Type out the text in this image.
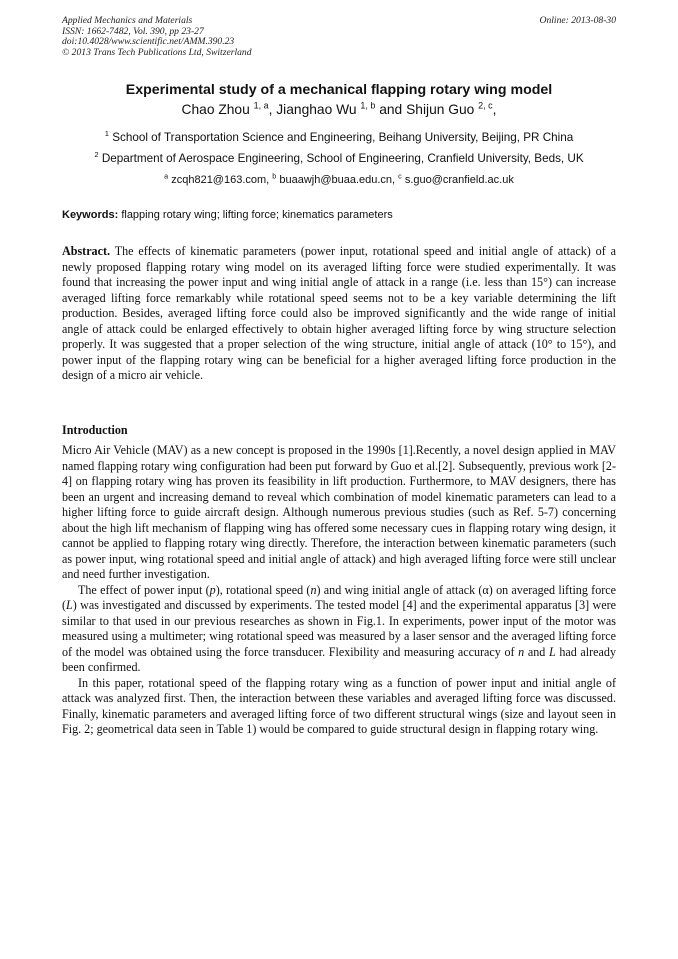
Applied Mechanics and Materials
ISSN: 1662-7482, Vol. 390, pp 23-27
doi:10.4028/www.scientific.net/AMM.390.23
© 2013 Trans Tech Publications Ltd, Switzerland
Online: 2013-08-30
Experimental study of a mechanical flapping rotary wing model
Chao Zhou $^{1, a}$, Jianghao Wu $^{1, b}$ and Shijun Guo $^{2, c}$,
$^1$ School of Transportation Science and Engineering, Beihang University, Beijing, PR China
$^2$ Department of Aerospace Engineering, School of Engineering, Cranfield University, Beds, UK
$^a$ zcqh821@163.com, $^b$ buaawjh@buaa.edu.cn, $^c$ s.guo@cranfield.ac.uk
Keywords: flapping rotary wing; lifting force; kinematics parameters

Abstract. The effects of kinematic parameters (power input, rotational speed and initial angle of attack) of a newly proposed flapping rotary wing model on its averaged lifting force were studied experimentally. It was found that increasing the power input and wing initial angle of attack in a range (i.e. less than 15°) can increase averaged lifting force remarkably while rotational speed seems not to be a key variable determining the lift production. Besides, averaged lifting force could also be improved significantly and the wide range of initial angle of attack could be enlarged effectively to obtain higher averaged lifting force by wing structure selection properly. It was suggested that a proper selection of the wing structure, initial angle of attack (10° to 15°), and power input of the flapping rotary wing can be beneficial for a higher averaged lifting force production in the design of a micro air vehicle.

Introduction

Micro Air Vehicle (MAV) as a new concept is proposed in the 1990s [1].Recently, a novel design applied in MAV named flapping rotary wing configuration had been put forward by Guo et al.[2]. Subsequently, previous work [2-4] on flapping rotary wing has proven its feasibility in lift production. Furthermore, to MAV designers, there has been an urgent and increasing demand to reveal which combination of model kinematic parameters can lead to a higher lifting force to guide aircraft design. Although numerous previous studies (such as Ref. 5-7) concerning about the high lift mechanism of flapping wing has offered some necessary cues in flapping rotary wing design, it cannot be applied to flapping rotary wing directly. Therefore, the interaction between kinematic parameters (such as power input, wing rotational speed and initial angle of attack) and high averaged lifting force were still unclear and need further investigation.

The effect of power input (p), rotational speed (n) and wing initial angle of attack (α) on averaged lifting force (L) was investigated and discussed by experiments. The tested model [4] and the experimental apparatus [3] were similar to that used in our previous researches as shown in Fig.1. In experiments, power input of the motor was measured using a multimeter; wing rotational speed was measured by a laser sensor and the averaged lifting force of the model was obtained using the force transducer. Flexibility and measuring accuracy of n and L had already been confirmed.

In this paper, rotational speed of the flapping rotary wing as a function of power input and initial angle of attack was analyzed first. Then, the interaction between these variables and averaged lifting force was discussed. Finally, kinematic parameters and averaged lifting force of two different structural wings (size and layout seen in Fig. 2; geometrical data seen in Table 1) would be compared to guide structural design in flapping rotary wing.
